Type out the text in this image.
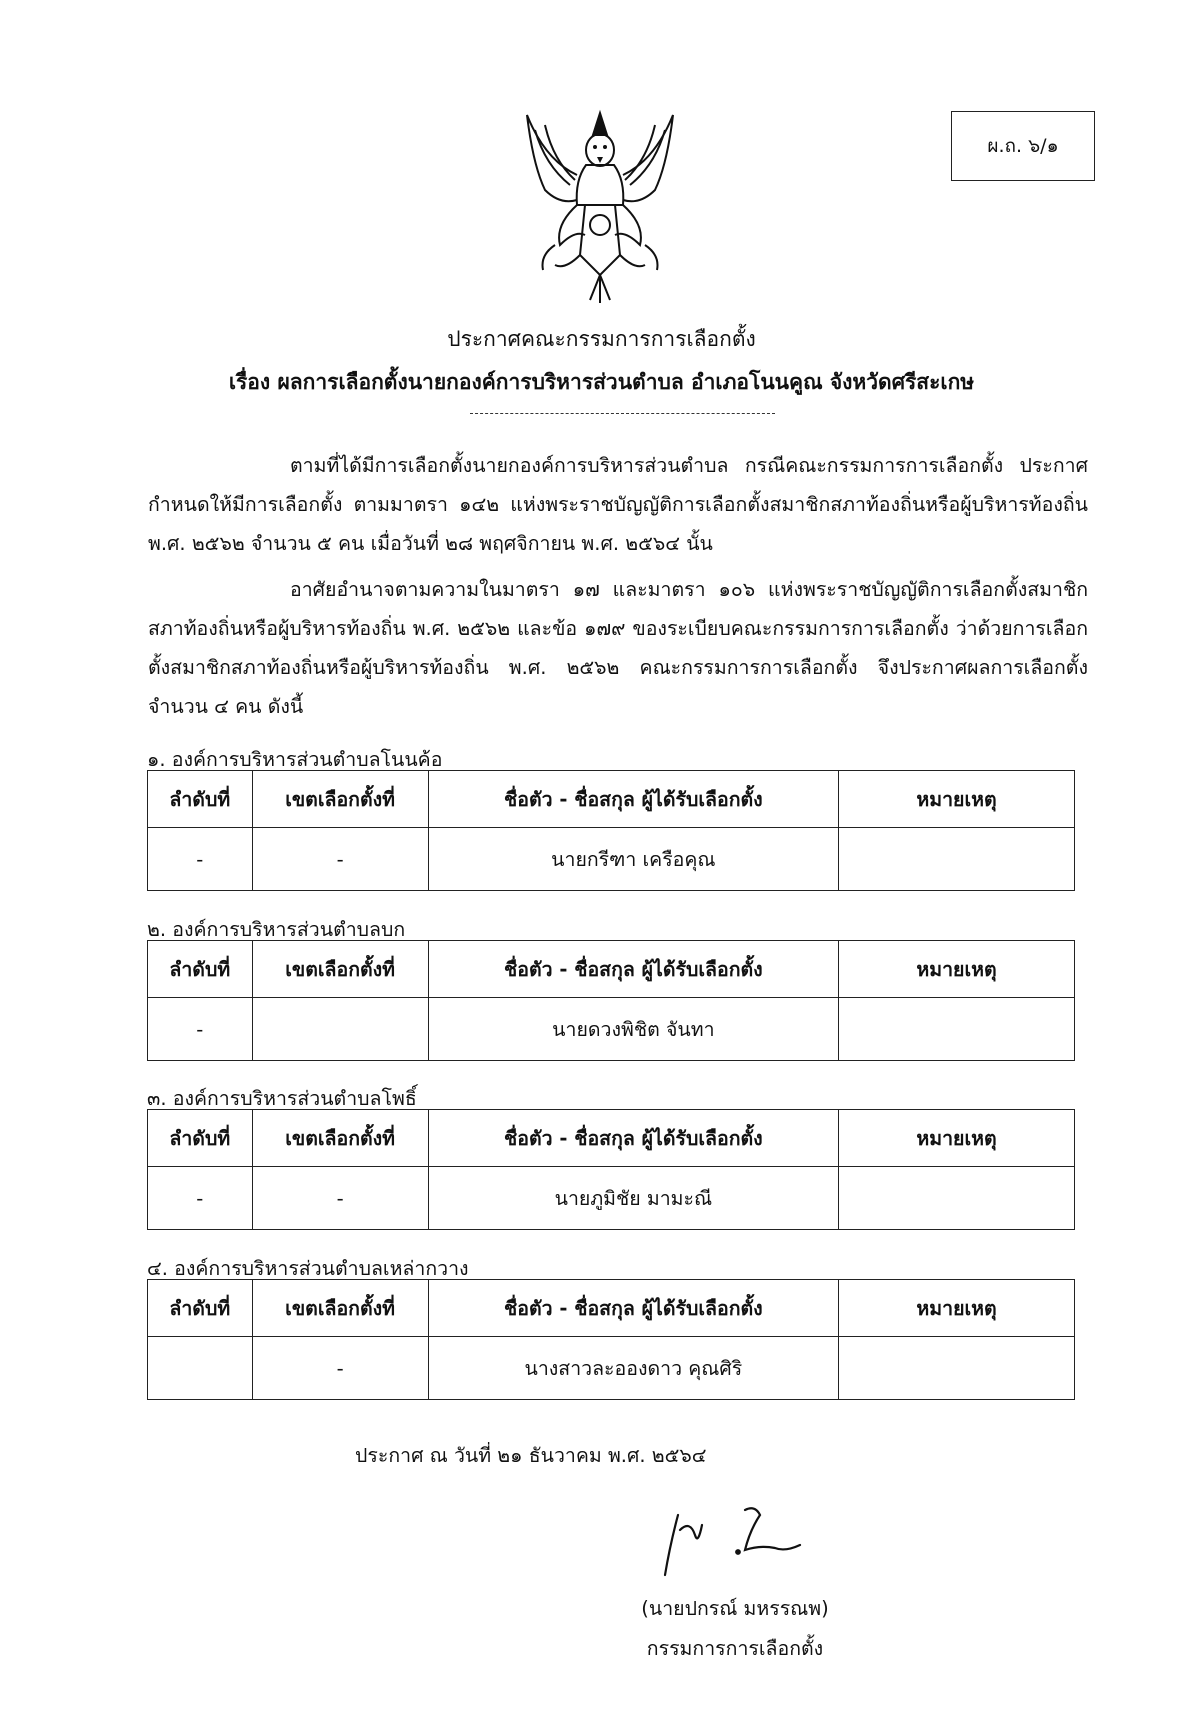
ผ.ถ. ๖/๑
ประกาศคณะกรรมการการเลือกตั้ง
เรื่อง ผลการเลือกตั้งนายกองค์การบริหารส่วนตำบล อำเภอโนนคูณ จังหวัดศรีสะเกษ
ตามที่ได้มีการเลือกตั้งนายกองค์การบริหารส่วนตำบล กรณีคณะกรรมการการเลือกตั้ง ประกาศกำหนดให้มีการเลือกตั้ง ตามมาตรา ๑๔๒ แห่งพระราชบัญญัติการเลือกตั้งสมาชิกสภาท้องถิ่นหรือผู้บริหารท้องถิ่น พ.ศ. ๒๕๖๒ จำนวน ๕ คน เมื่อวันที่ ๒๘ พฤศจิกายน พ.ศ. ๒๕๖๔ นั้น
อาศัยอำนาจตามความในมาตรา ๑๗ และมาตรา ๑๐๖ แห่งพระราชบัญญัติการเลือกตั้งสมาชิกสภาท้องถิ่นหรือผู้บริหารท้องถิ่น พ.ศ. ๒๕๖๒ และข้อ ๑๗๙ ของระเบียบคณะกรรมการการเลือกตั้ง ว่าด้วยการเลือกตั้งสมาชิกสภาท้องถิ่นหรือผู้บริหารท้องถิ่น พ.ศ. ๒๕๖๒ คณะกรรมการการเลือกตั้ง จึงประกาศผลการเลือกตั้ง จำนวน ๔ คน ดังนี้
๑. องค์การบริหารส่วนตำบลโนนค้อ
ลำดับที่	เขตเลือกตั้งที่	ชื่อตัว - ชื่อสกุล ผู้ได้รับเลือกตั้ง	หมายเหตุ
-	-	นายกรีฑา เครือคุณ	
๒. องค์การบริหารส่วนตำบลบก
ลำดับที่	เขตเลือกตั้งที่	ชื่อตัว - ชื่อสกุล ผู้ได้รับเลือกตั้ง	หมายเหตุ
-		นายดวงพิชิต จันทา	
๓. องค์การบริหารส่วนตำบลโพธิ์
ลำดับที่	เขตเลือกตั้งที่	ชื่อตัว - ชื่อสกุล ผู้ได้รับเลือกตั้ง	หมายเหตุ
-	-	นายภูมิชัย มามะณี	
๔. องค์การบริหารส่วนตำบลเหล่ากวาง
ลำดับที่	เขตเลือกตั้งที่	ชื่อตัว - ชื่อสกุล ผู้ได้รับเลือกตั้ง	หมายเหตุ
	-	นางสาวละอองดาว คุณศิริ	
ประกาศ ณ วันที่ ๒๑ ธันวาคม พ.ศ. ๒๕๖๔
(นายปกรณ์ มหรรณพ)
กรรมการการเลือกตั้ง
